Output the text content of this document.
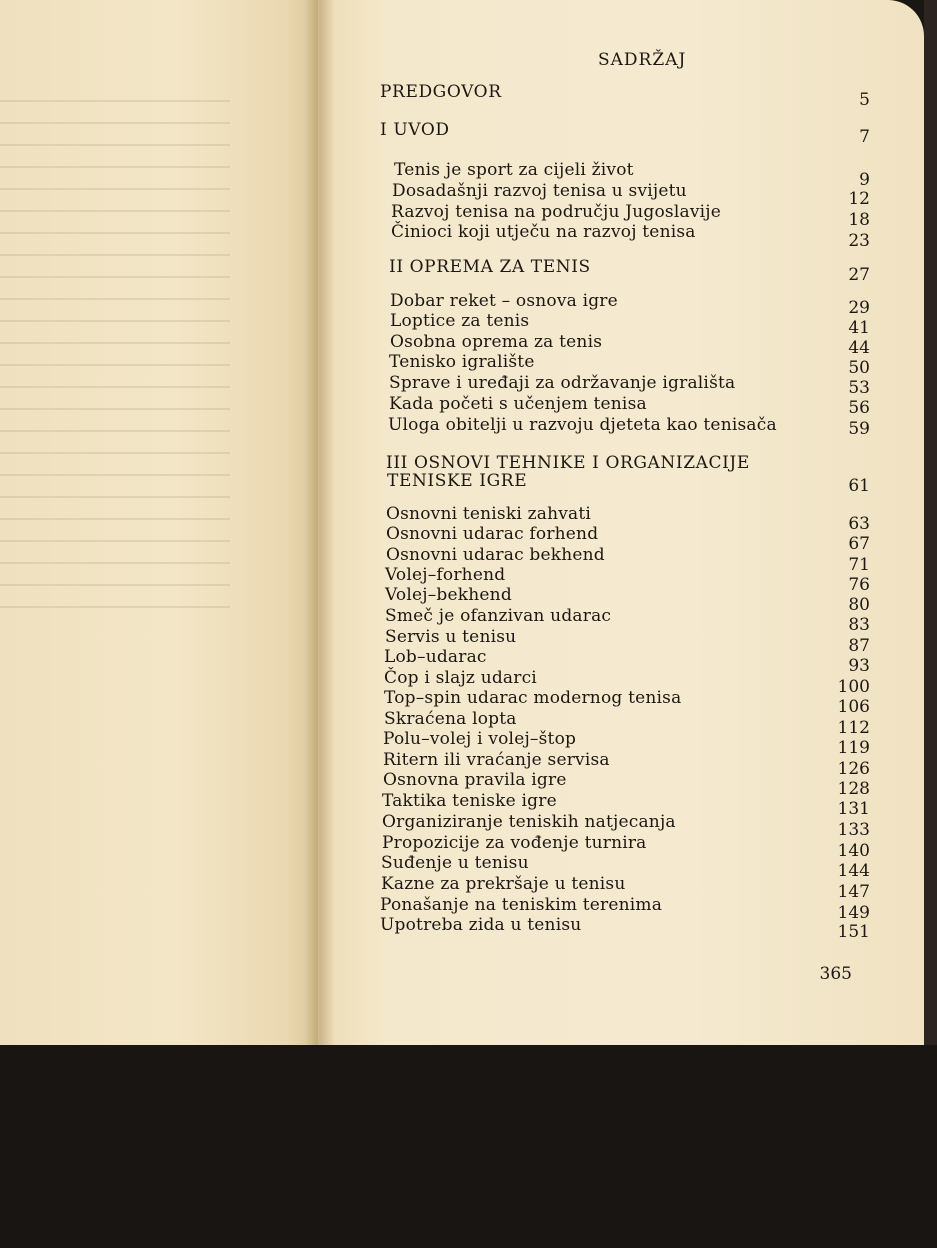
SADRŽAJ
PREDGOVOR	5
I UVOD	7
Tenis je sport za cijeli život	9
Dosadašnji razvoj tenisa u svijetu	12
Razvoj tenisa na području Jugoslavije	18
Činioci koji utječu na razvoj tenisa	23
II OPREMA ZA TENIS	27
Dobar reket – osnova igre	29
Loptice za tenis	41
Osobna oprema za tenis	44
Tenisko igralište	50
Sprave i uređaji za održavanje igrališta	53
Kada početi s učenjem tenisa	56
Uloga obitelji u razvoju djeteta kao tenisača	59
III OSNOVI TEHNIKE I ORGANIZACIJE
TENISKE IGRE	61
Osnovni teniski zahvati	63
Osnovni udarac forhend	67
Osnovni udarac bekhend	71
Volej–forhend	76
Volej–bekhend	80
Smeč je ofanzivan udarac	83
Servis u tenisu	87
Lob–udarac	93
Čop i slajz udarci	100
Top–spin udarac modernog tenisa	106
Skraćena lopta	112
Polu–volej i volej–štop	119
Ritern ili vraćanje servisa	126
Osnovna pravila igre	128
Taktika teniske igre	131
Organiziranje teniskih natjecanja	133
Propozicije za vođenje turnira	140
Suđenje u tenisu	144
Kazne za prekršaje u tenisu	147
Ponašanje na teniskim terenima	149
Upotreba zida u tenisu	151
365
